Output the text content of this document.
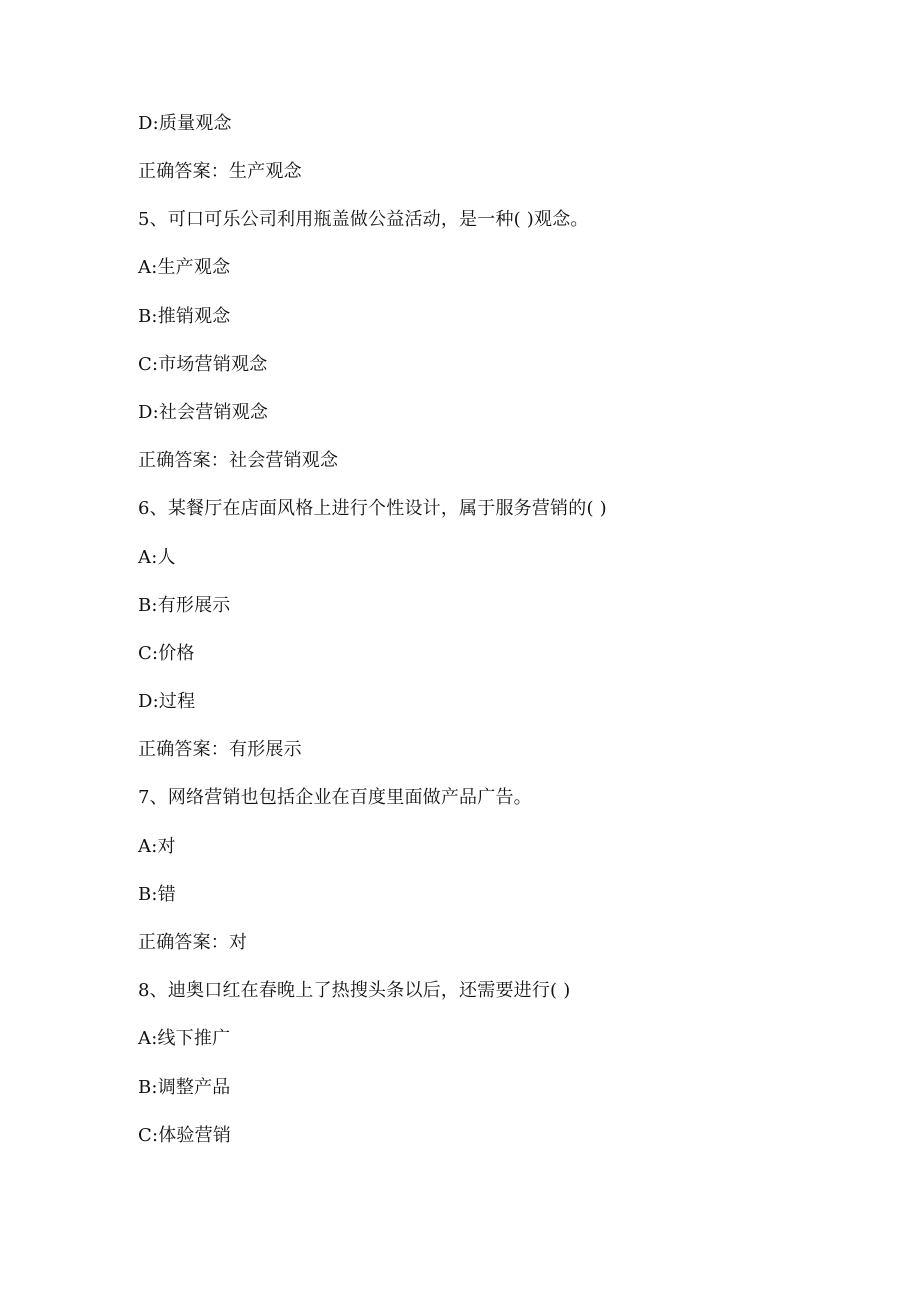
D:质量观念
正确答案：生产观念
5、可口可乐公司利用瓶盖做公益活动，是一种( )观念。
A:生产观念
B:推销观念
C:市场营销观念
D:社会营销观念
正确答案：社会营销观念
6、某餐厅在店面风格上进行个性设计，属于服务营销的( )
A:人
B:有形展示
C:价格
D:过程
正确答案：有形展示
7、网络营销也包括企业在百度里面做产品广告。
A:对
B:错
正确答案：对
8、迪奥口红在春晚上了热搜头条以后，还需要进行( )
A:线下推广
B:调整产品
C:体验营销
